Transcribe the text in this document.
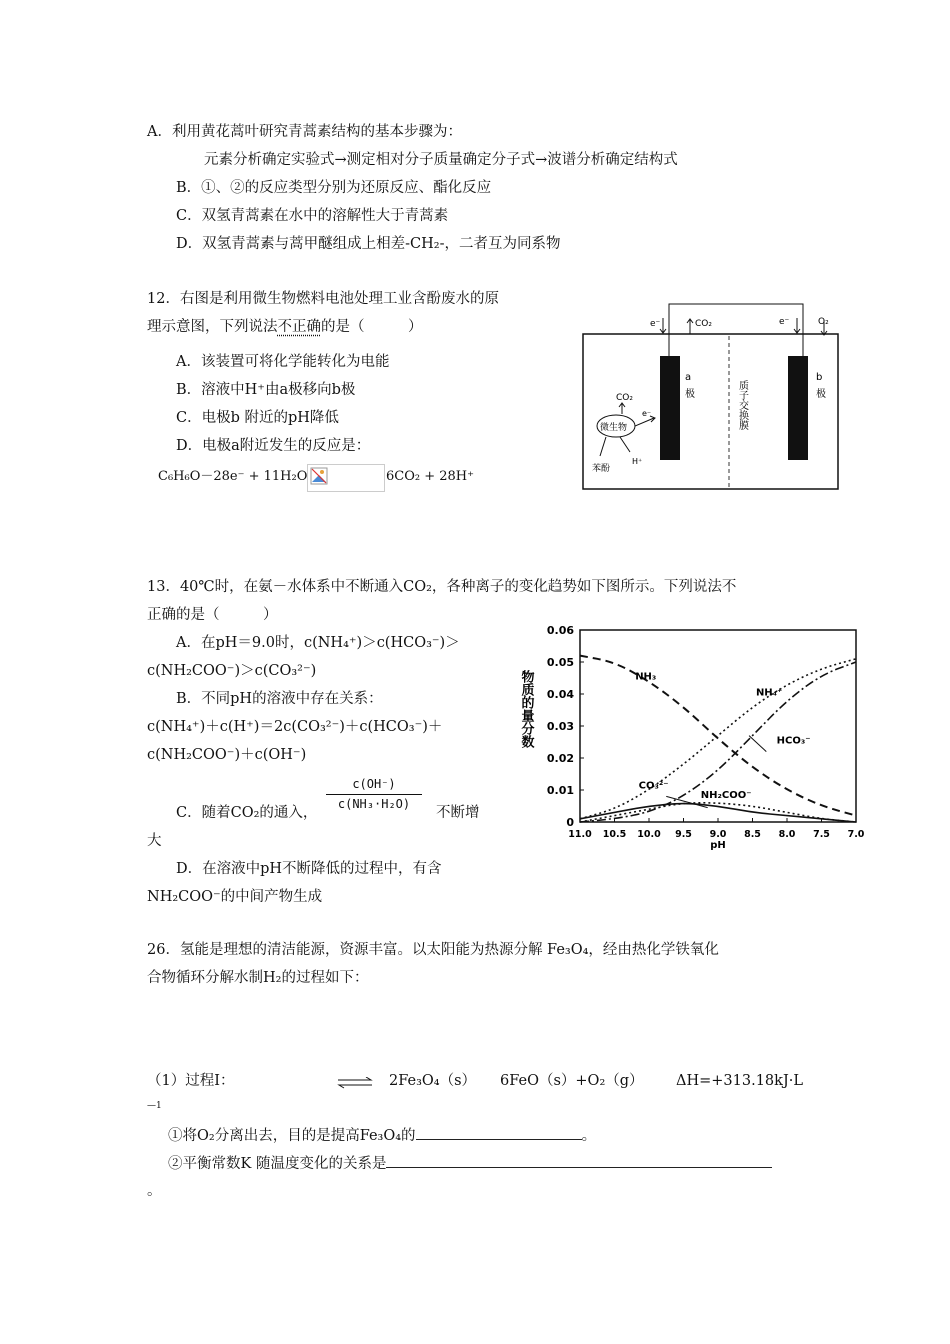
A．利用黄花蒿叶研究青蒿素结构的基本步骤为：
元素分析确定实验式→测定相对分子质量确定分子式→波谱分析确定结构式
B．①、②的反应类型分别为还原反应、酯化反应
C．双氢青蒿素在水中的溶解性大于青蒿素
D．双氢青蒿素与蒿甲醚组成上相差-CH₂-，二者互为同系物
12．右图是利用微生物燃料电池处理工业含酚废水的原
理示意图，下列说法不正确的是（　　　）
A．该装置可将化学能转化为电能
B．溶液中H⁺由a极移向b极
C．电极b 附近的pH降低
D．电极a附近发生的反应是：
C₆H₆O－28e⁻ + 11H₂O	6CO₂ + 28H⁺
e⁻	CO₂	e⁻	O₂
a
极
b
极
质子交换膜
微生物
CO₂
e⁻
H⁺
苯酚
13．40℃时，在氨－水体系中不断通入CO₂，各种离子的变化趋势如下图所示。下列说法不
正确的是（　　　）
A．在pH＝9.0时，c(NH₄⁺)＞c(HCO₃⁻)＞
c(NH₂COO⁻)＞c(CO₃²⁻)
B．不同pH的溶液中存在关系：
c(NH₄⁺)＋c(H⁺)＝2c(CO₃²⁻)＋c(HCO₃⁻)＋
c(NH₂COO⁻)＋c(OH⁻)
C．随着CO₂的通入，
c(OH⁻)
c(NH₃·H₂O)
不断增
大
D．在溶液中pH不断降低的过程中，有含
NH₂COO⁻的中间产物生成
0
0.01
0.02
0.03
0.04
0.05
0.06
11.0 10.5 10.0 9.5 9.0 8.5 8.0 7.5 7.0
pH
物质的量分数	NH₃
NH₄⁺
HCO₃⁻
CO₃²⁻
NH₂COO⁻
26．氢能是理想的清洁能源，资源丰富。以太阳能为热源分解 Fe₃O₄，经由热化学铁氧化
合物循环分解水制H₂的过程如下：
（1）过程Ⅰ：	⇌ 2Fe₃O₄（s） 6FeO（s）+O₂（g） ΔH=+313.18kJ·L
—1
①将O₂分离出去，目的是提高Fe₃O₄的	。
②平衡常数K 随温度变化的关系是
。
